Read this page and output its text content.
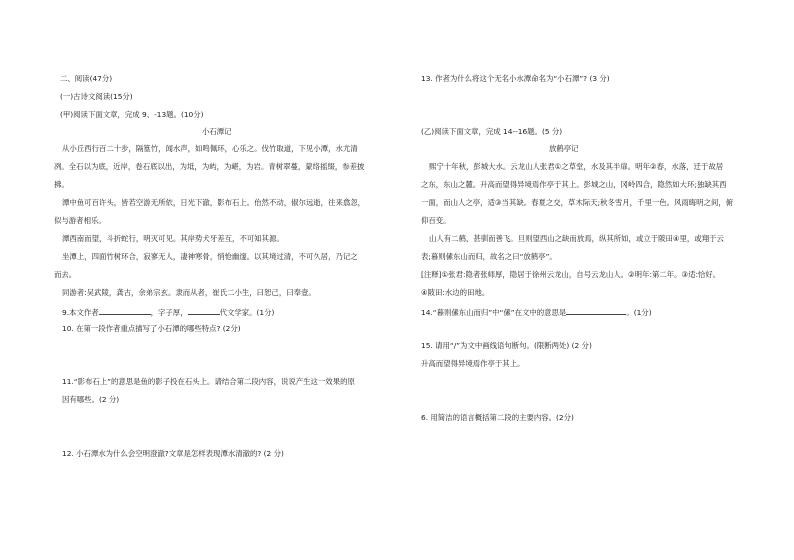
二、阅读(47分)
(一)古诗文阅读(15分)
(甲)阅读下面文章，完成 9、-13题。(10分)
小石潭记
从小丘西行百二十步，隔篁竹，闻水声，如鸣佩环，心乐之。伐竹取道，下见小潭，水尤清
冽。全石以为底，近岸，卷石底以出，为坻，为屿，为嵁，为岩。青树翠蔓，蒙络摇缀，参差披
拂。
潭中鱼可百许头，皆若空游无所依，日光下澈，影布石上。佁然不动，俶尔远逝，往来翕忽，
似与游者相乐。
潭西南而望，斗折蛇行，明灭可见。其岸势犬牙差互，不可知其源。
坐潭上，四面竹树环合，寂寥无人，凄神寒骨，悄怆幽邃。以其境过清，不可久居，乃记之
而去。
同游者:吴武陵，龚古，余弟宗玄。隶而从者，崔氏二小生，曰恕己，曰奉壹。
9.本文作者	，字子厚，	代文学家。(1分)
10. 在第一段作者重点描写了小石潭的哪些特点? (2分)
11.“影布石上”的意思是鱼的影子投在石头上。请结合第二段内容，说说产生这一效果的原
因有哪些。(2 分)
12. 小石潭水为什么会空明澄澈?文章是怎样表现潭水清澈的? (2 分)
13. 作者为什么将这个无名小水潭命名为“小石潭”? (3 分)
(乙)阅读下面文章，完成 14--16题。(5 分)
放鹤亭记
熙宁十年秋，彭城大水。云龙山人张君①之草堂，水及其半扉。明年②春，水落，迁于故居
之东，东山之麓。升高而望得异境焉作亭于其上。彭城之山，冈岭四合，隐然如大环;独缺其西
一面，而山人之亭，适③当其缺。春夏之交，草木际天;秋冬雪月，千里一色。风雨晦明之间，俯
仰百变。
山人有二鹤，甚驯而善飞。旦则望西山之缺而放焉，纵其所如，或立于陂田④里，或翔于云
表;暮则傃东山而归，故名之曰“放鹤亭”。
[注释]①张君:隐者张师厚，隐居于徐州云龙山，自号云龙山人。②明年:第二年。③适:恰好。
④陂田:水边的田地。
14.“暮则傃东山而归”中“傃”在文中的意思是	。(1分)
15. 请用“/”为文中画线语句断句。(限断两处) (2 分)
升高而望得异境焉作亭于其上。
6. 用简洁的语言概括第二段的主要内容。(2分)
